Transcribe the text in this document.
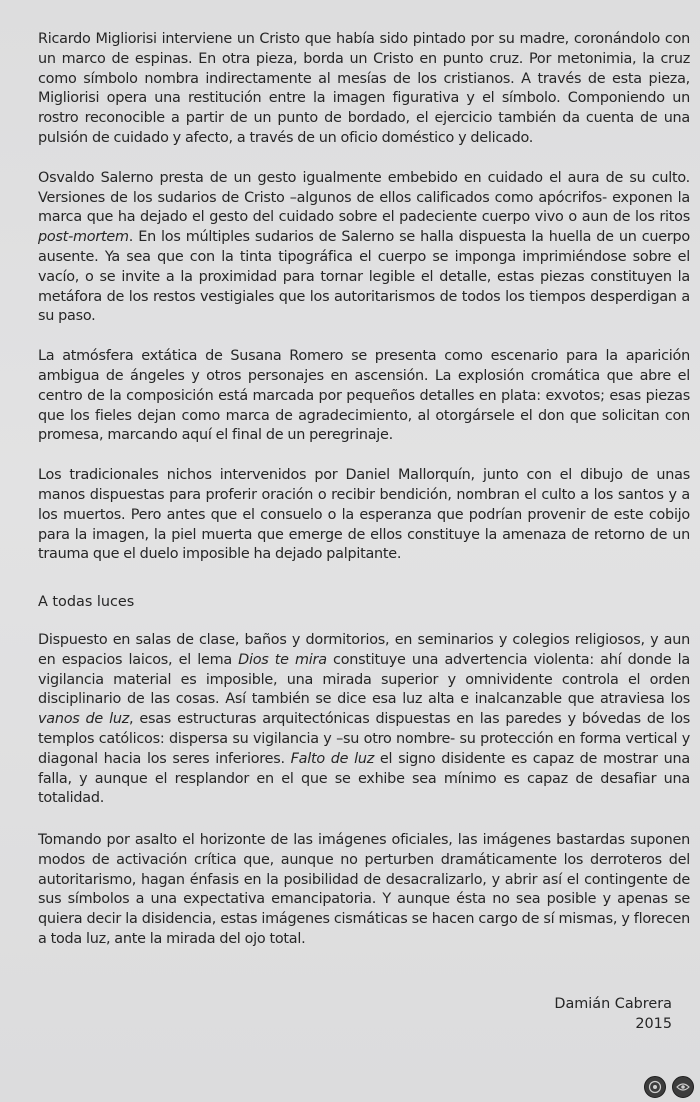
Ricardo Migliorisi interviene un Cristo que había sido pintado por su madre, coronándolo con un marco de espinas. En otra pieza, borda un Cristo en punto cruz. Por metonimia, la cruz como símbolo nombra indirectamente al mesías de los cristianos. A través de esta pieza, Migliorisi opera una restitución entre la imagen figurativa y el símbolo. Componiendo un rostro reconocible a partir de un punto de bordado, el ejercicio también da cuenta de una pulsión de cuidado y afecto, a través de un oficio doméstico y delicado.

Osvaldo Salerno presta de un gesto igualmente embebido en cuidado el aura de su culto. Versiones de los sudarios de Cristo –algunos de ellos calificados como apócrifos- exponen la marca que ha dejado el gesto del cuidado sobre el padeciente cuerpo vivo o aun de los ritos post-mortem. En los múltiples sudarios de Salerno se halla dispuesta la huella de un cuerpo ausente. Ya sea que con la tinta tipográfica el cuerpo se imponga imprimiéndose sobre el vacío, o se invite a la proximidad para tornar legible el detalle, estas piezas constituyen la metáfora de los restos vestigiales que los autoritarismos de todos los tiempos desperdigan a su paso.

La atmósfera extática de Susana Romero se presenta como escenario para la aparición ambigua de ángeles y otros personajes en ascensión. La explosión cromática que abre el centro de la composición está marcada por pequeños detalles en plata: exvotos; esas piezas que los fieles dejan como marca de agradecimiento, al otorgársele el don que solicitan con promesa, marcando aquí el final de un peregrinaje.

Los tradicionales nichos intervenidos por Daniel Mallorquín, junto con el dibujo de unas manos dispuestas para proferir oración o recibir bendición, nombran el culto a los santos y a los muertos. Pero antes que el consuelo o la esperanza que podrían provenir de este cobijo para la imagen, la piel muerta que emerge de ellos constituye la amenaza de retorno de un trauma que el duelo imposible ha dejado palpitante.

A todas luces

Dispuesto en salas de clase, baños y dormitorios, en seminarios y colegios religiosos, y aun en espacios laicos, el lema Dios te mira constituye una advertencia violenta: ahí donde la vigilancia material es imposible, una mirada superior y omnividente controla el orden disciplinario de las cosas. Así también se dice esa luz alta e inalcanzable que atraviesa los vanos de luz, esas estructuras arquitectónicas dispuestas en las paredes y bóvedas de los templos católicos: dispersa su vigilancia y –su otro nombre- su protección en forma vertical y diagonal hacia los seres inferiores. Falto de luz el signo disidente es capaz de mostrar una falla, y aunque el resplandor en el que se exhibe sea mínimo es capaz de desafiar una totalidad.

Tomando por asalto el horizonte de las imágenes oficiales, las imágenes bastardas suponen modos de activación crítica que, aunque no perturben dramáticamente los derroteros del autoritarismo, hagan énfasis en la posibilidad de desacralizarlo, y abrir así el contingente de sus símbolos a una expectativa emancipatoria. Y aunque ésta no sea posible y apenas se quiera decir la disidencia, estas imágenes cismáticas se hacen cargo de sí mismas, y florecen a toda luz, ante la mirada del ojo total.

Damián Cabrera
2015
